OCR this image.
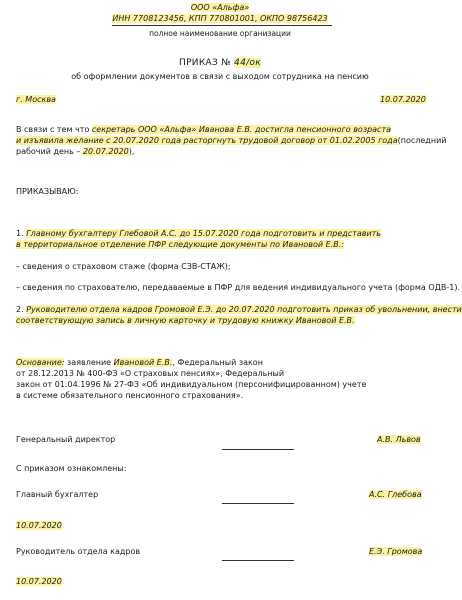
ООО «Альфа»
ИНН 7708123456, КПП 770801001, ОКПО 98756423
полное наименование организации
ПРИКАЗ № 44/ок
об оформлении документов в связи с выходом сотрудника на пенсию
г. Москва	10.07.2020
В связи с тем что секретарь ООО «Альфа» Иванова Е.В. достигла пенсионного возраста
и изъявила желание с 20.07.2020 года расторгнуть трудовой договор от 01.02.2005 года(последний
рабочий день – 20.07.2020),
ПРИКАЗЫВАЮ:
1. Главному бухгалтеру Глебовой А.С. до 15.07.2020 года подготовить и представить
в территориальное отделение ПФР следующие документы по Ивановой Е.В.:
– сведения о страховом стаже (форма СЗВ-СТАЖ);
– сведения по страхователю, передаваемые в ПФР для ведения индивидуального учета (форма ОДВ-1).
2. Руководителю отдела кадров Громовой Е.Э. до 20.07.2020 подготовить приказ об увольнении, внести
соответствующую запись в личную карточку и трудовую книжку Ивановой Е.В.
Основание: заявление Ивановой Е.В., Федеральный закон
от 28.12.2013 № 400-ФЗ «О страховых пенсиях», Федеральный
закон от 01.04.1996 № 27-ФЗ «Об индивидуальном (персонифицированном) учете
в системе обязательного пенсионного страхования».
Генеральный директор	А.В. Львов
С приказом ознакомлены:
Главный бухгалтер	А.С. Глебова
10.07.2020
Руководитель отдела кадров	Е.Э. Громова
10.07.2020
